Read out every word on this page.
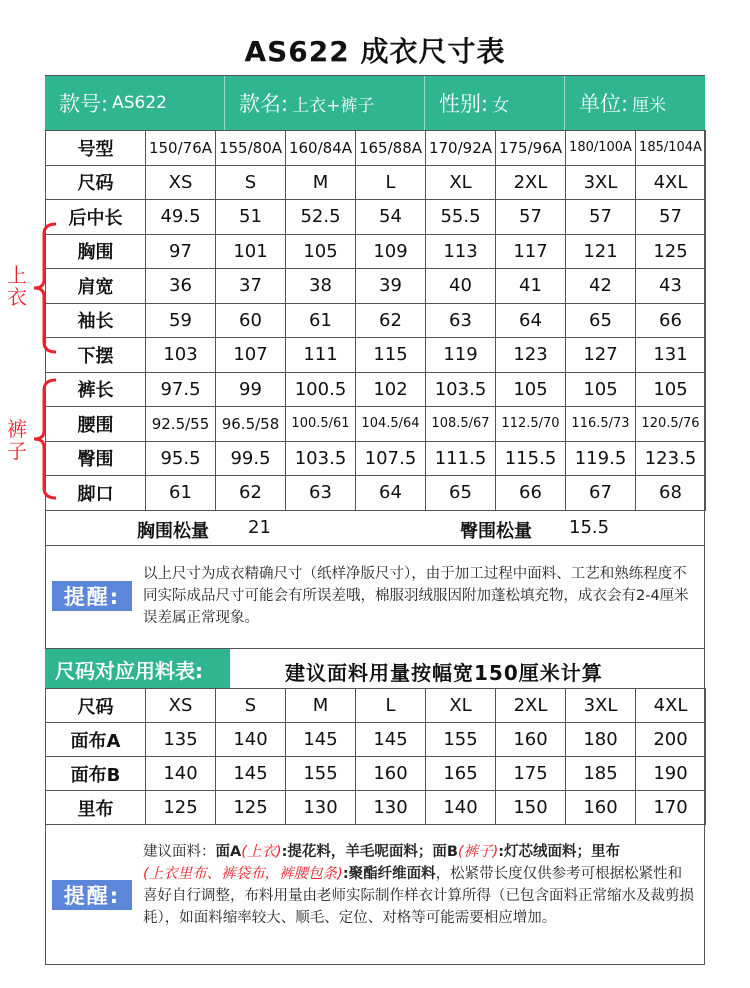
AS622 成衣尺寸表
款号: AS622	款名: 上衣+裤子	性别: 女	单位: 厘米
号型	150/76A	155/80A	160/84A	165/88A	170/92A	175/96A	180/100A	185/104A
尺码	XS	S	M	L	XL	2XL	3XL	4XL
后中长	49.5	51	52.5	54	55.5	57	57	57
胸围	97	101	105	109	113	117	121	125
肩宽	36	37	38	39	40	41	42	43
袖长	59	60	61	62	63	64	65	66
下摆	103	107	111	115	119	123	127	131
裤长	97.5	99	100.5	102	103.5	105	105	105
腰围	92.5/55	96.5/58	100.5/61	104.5/64	108.5/67	112.5/70	116.5/73	120.5/76
臀围	95.5	99.5	103.5	107.5	111.5	115.5	119.5	123.5
脚口	61	62	63	64	65	66	67	68
上
衣
裤
子
胸围松量 21	臀围松量 15.5
提醒:
以上尺寸为成衣精确尺寸（纸样净版尺寸），由于加工过程中面料、工艺和熟练程度不同实际成品尺寸可能会有所误差哦，棉服羽绒服因附加蓬松填充物，成衣会有2-4厘米误差属正常现象。
尺码对应用料表:	建议面料用量按幅宽150厘米计算
尺码	XS	S	M	L	XL	2XL	3XL	4XL
面布A	135	140	145	145	155	160	180	200
面布B	140	145	155	160	165	175	185	190
里布	125	125	130	130	140	150	160	170
提醒:
建议面料：面A(上衣):提花料，羊毛呢面料；面B(裤子):灯芯绒面料；里布
(上衣里布、裤袋布，裤腰包条):聚酯纤维面料，松紧带长度仅供参考可根据松紧性和喜好自行调整，布料用量由老师实际制作样衣计算所得（已包含面料正常缩水及裁剪损耗），如面料缩率较大、顺毛、定位、对格等可能需要相应增加。
